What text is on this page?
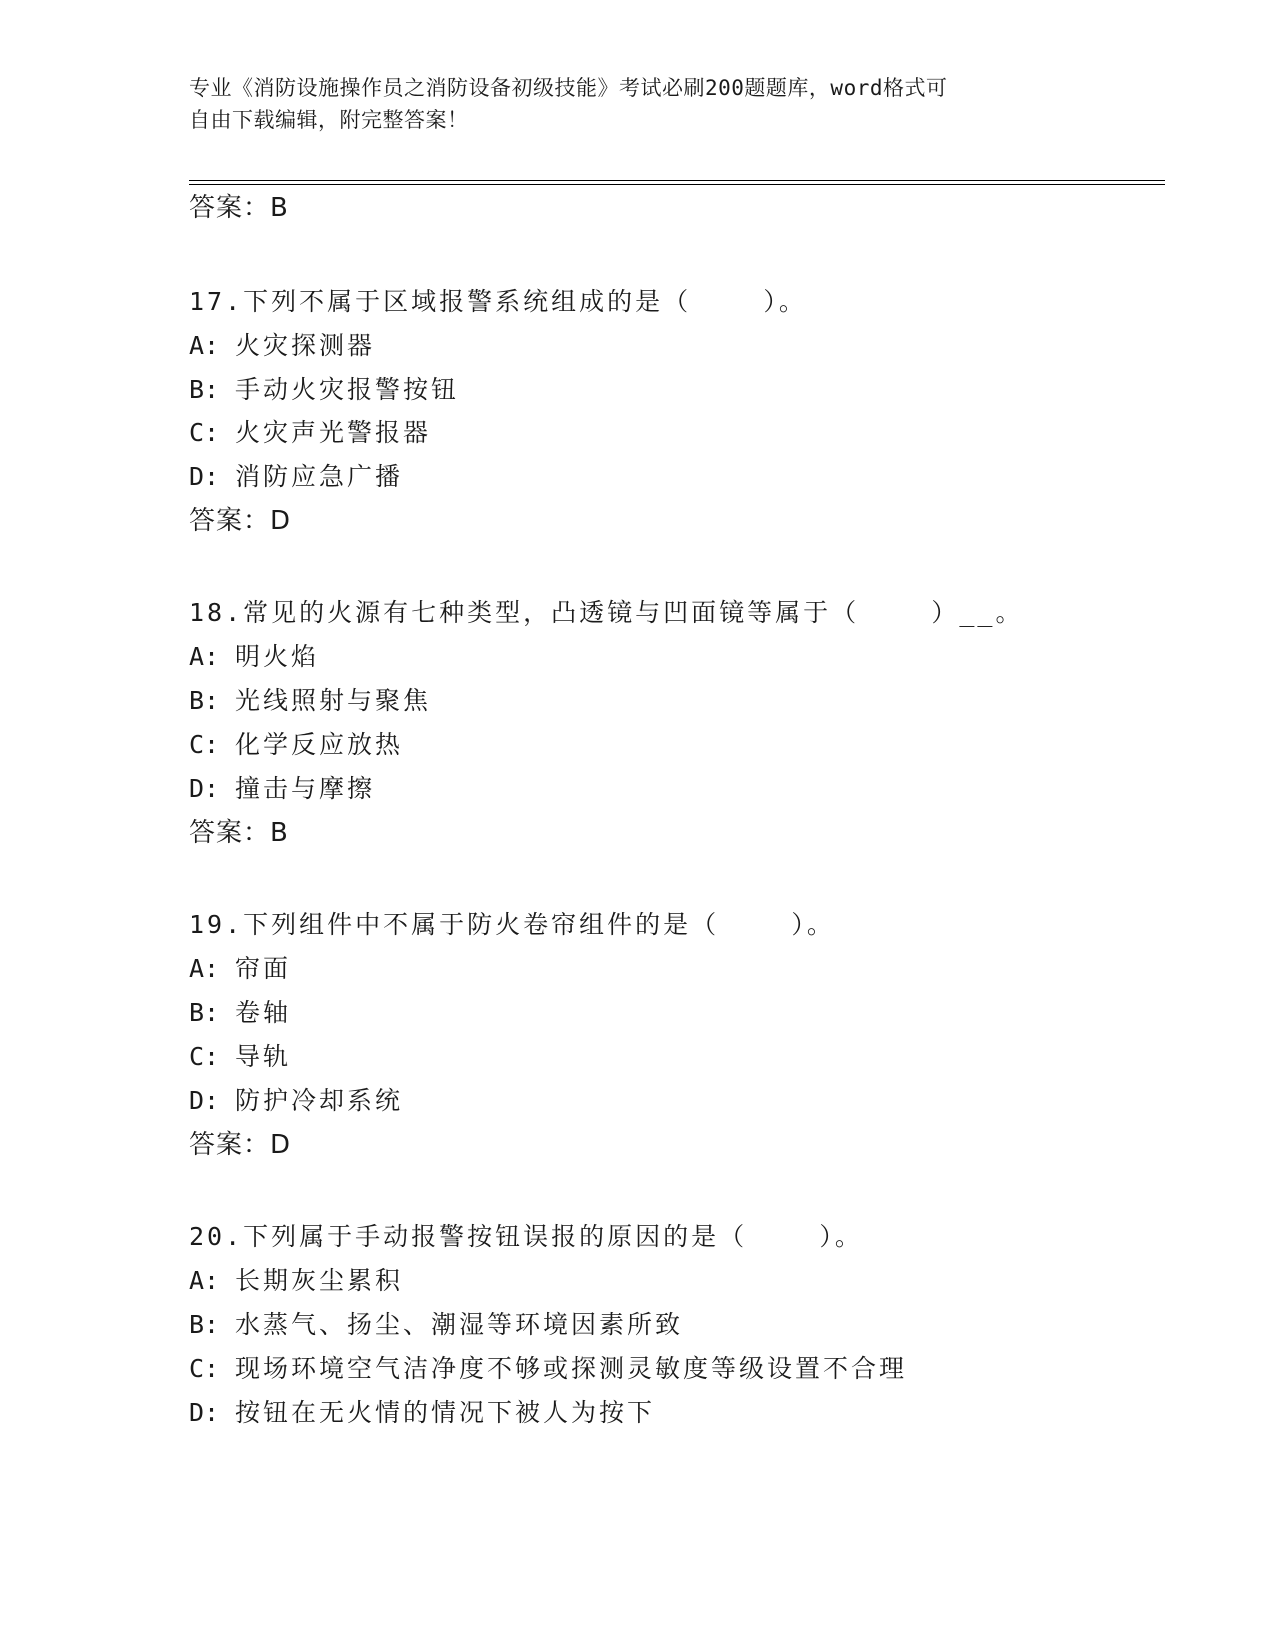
专业《消防设施操作员之消防设备初级技能》考试必刷200题题库，word格式可
自由下载编辑，附完整答案！
答案：B
17.下列不属于区域报警系统组成的是（    ）。
A: 火灾探测器
B: 手动火灾报警按钮
C: 火灾声光警报器
D: 消防应急广播
答案：D
18.常见的火源有七种类型，凸透镜与凹面镜等属于（    ）__。
A: 明火焰
B: 光线照射与聚焦
C: 化学反应放热
D: 撞击与摩擦
答案：B
19.下列组件中不属于防火卷帘组件的是（    ）。
A: 帘面
B: 卷轴
C: 导轨
D: 防护冷却系统
答案：D
20.下列属于手动报警按钮误报的原因的是（    ）。
A: 长期灰尘累积
B: 水蒸气、扬尘、潮湿等环境因素所致
C: 现场环境空气洁净度不够或探测灵敏度等级设置不合理
D: 按钮在无火情的情况下被人为按下
